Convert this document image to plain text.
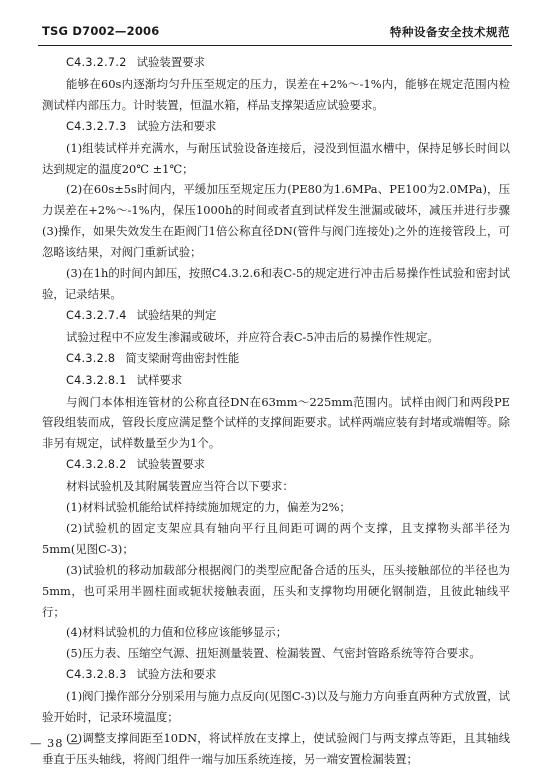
TSG D7002—2006	特种设备安全技术规范

C4.3.2.7.2 试验装置要求

能够在60s内逐渐均匀升压至规定的压力，误差在+2%～-1%内，能够在规定范围内检测试样内部压力。计时装置，恒温水箱，样品支撑架适应试验要求。

C4.3.2.7.3 试验方法和要求

(1)组装试样并充满水，与耐压试验设备连接后，浸没到恒温水槽中，保持足够长时间以达到规定的温度20℃ ±1℃；

(2)在60s±5s时间内，平缓加压至规定压力(PE80为1.6MPa、PE100为2.0MPa)，压力误差在+2%～-1%内，保压1000h的时间或者直到试样发生泄漏或破坏，减压并进行步骤(3)操作，如果失效发生在距阀门1倍公称直径DN(管件与阀门连接处)之外的连接管段上，可忽略该结果，对阀门重新试验；

(3)在1h的时间内卸压，按照C4.3.2.6和表C-5的规定进行冲击后易操作性试验和密封试验，记录结果。

C4.3.2.7.4 试验结果的判定

试验过程中不应发生渗漏或破坏，并应符合表C-5冲击后的易操作性规定。

C4.3.2.8 简支梁耐弯曲密封性能

C4.3.2.8.1 试样要求

与阀门本体相连管材的公称直径DN在63mm～225mm范围内。试样由阀门和两段PE管段组装而成，管段长度应满足整个试样的支撑间距要求。试样两端应装有封堵或端帽等。除非另有规定，试样数量至少为1个。

C4.3.2.8.2 试验装置要求

材料试验机及其附属装置应当符合以下要求：

(1)材料试验机能给试样持续施加规定的力，偏差为2%；

(2)试验机的固定支架应具有轴向平行且间距可调的两个支撑，且支撑物头部半径为5mm(见图C-3)；

(3)试验机的移动加载部分根据阀门的类型应配备合适的压头，压头接触部位的半径也为5mm，也可采用半圆柱面或轭状接触表面，压头和支撑物均用硬化钢制造，且彼此轴线平行；

(4)材料试验机的力值和位移应该能够显示；

(5)压力表、压缩空气源、扭矩测量装置、检漏装置、气密封管路系统等符合要求。

C4.3.2.8.3 试验方法和要求

(1)阀门操作部分分别采用与施力点反向(见图C-3)以及与施力方向垂直两种方式放置，试验开始时，记录环境温度；

(2)调整支撑间距至10DN，将试样放在支撑上，使试验阀门与两支撑点等距，且其轴线垂直于压头轴线，将阀门组件一端与加压系统连接，另一端安置检漏装置；

— 38 —
